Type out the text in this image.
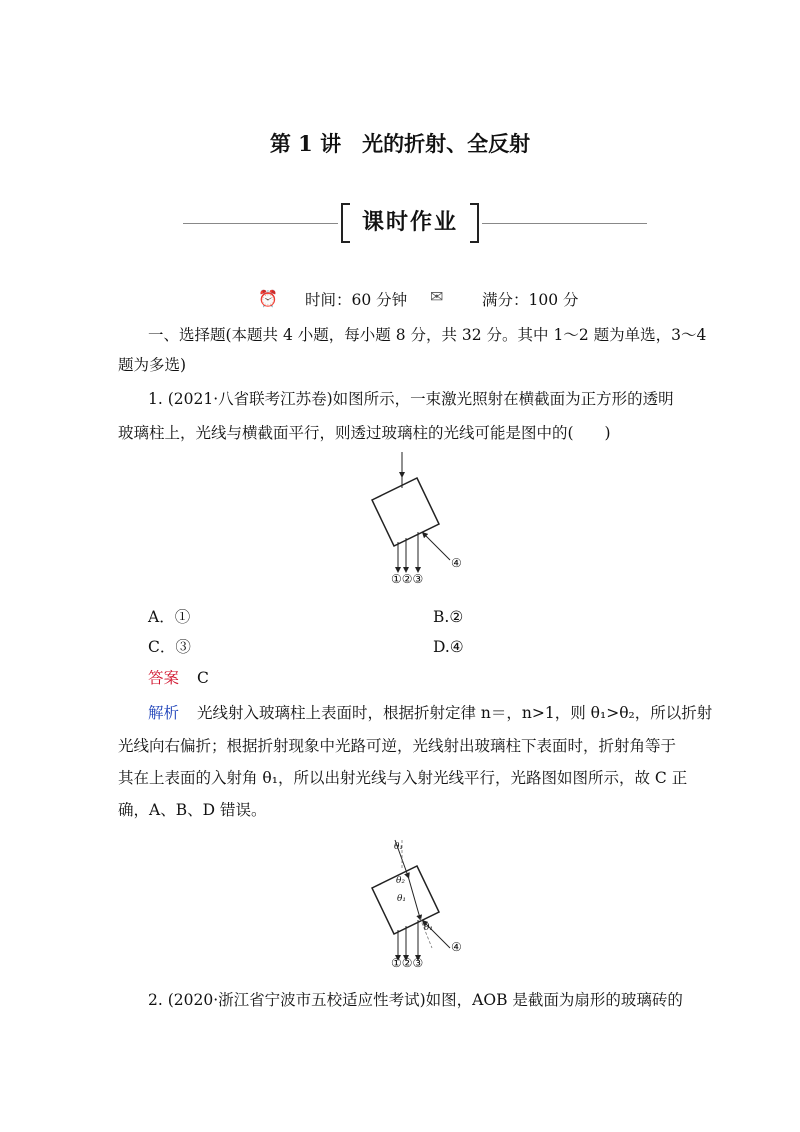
第 1 讲　光的折射、全反射
课时作业
⏰ 时间：60 分钟 ✉ 满分：100 分
一、选择题(本题共 4 小题，每小题 8 分，共 32 分。其中 1～2 题为单选，3～4
题为多选)
1. (2021·八省联考江苏卷)如图所示，一束激光照射在横截面为正方形的透明
玻璃柱上，光线与横截面平行，则透过玻璃柱的光线可能是图中的(　　)
①②③
④
A．①	B.②
C．③	D.④
答案 C
解析 光线射入玻璃柱上表面时，根据折射定律 n＝，n>1，则 θ₁>θ₂，所以折射
光线向右偏折；根据折射现象中光路可逆，光线射出玻璃柱下表面时，折射角等于
其在上表面的入射角 θ₁，所以出射光线与入射光线平行，光路图如图所示，故 C 正
确，A、B、D 错误。
θ₁
θ₂
θ₁
θ₁
①②③
④
2. (2020·浙江省宁波市五校适应性考试)如图，AOB 是截面为扇形的玻璃砖的
